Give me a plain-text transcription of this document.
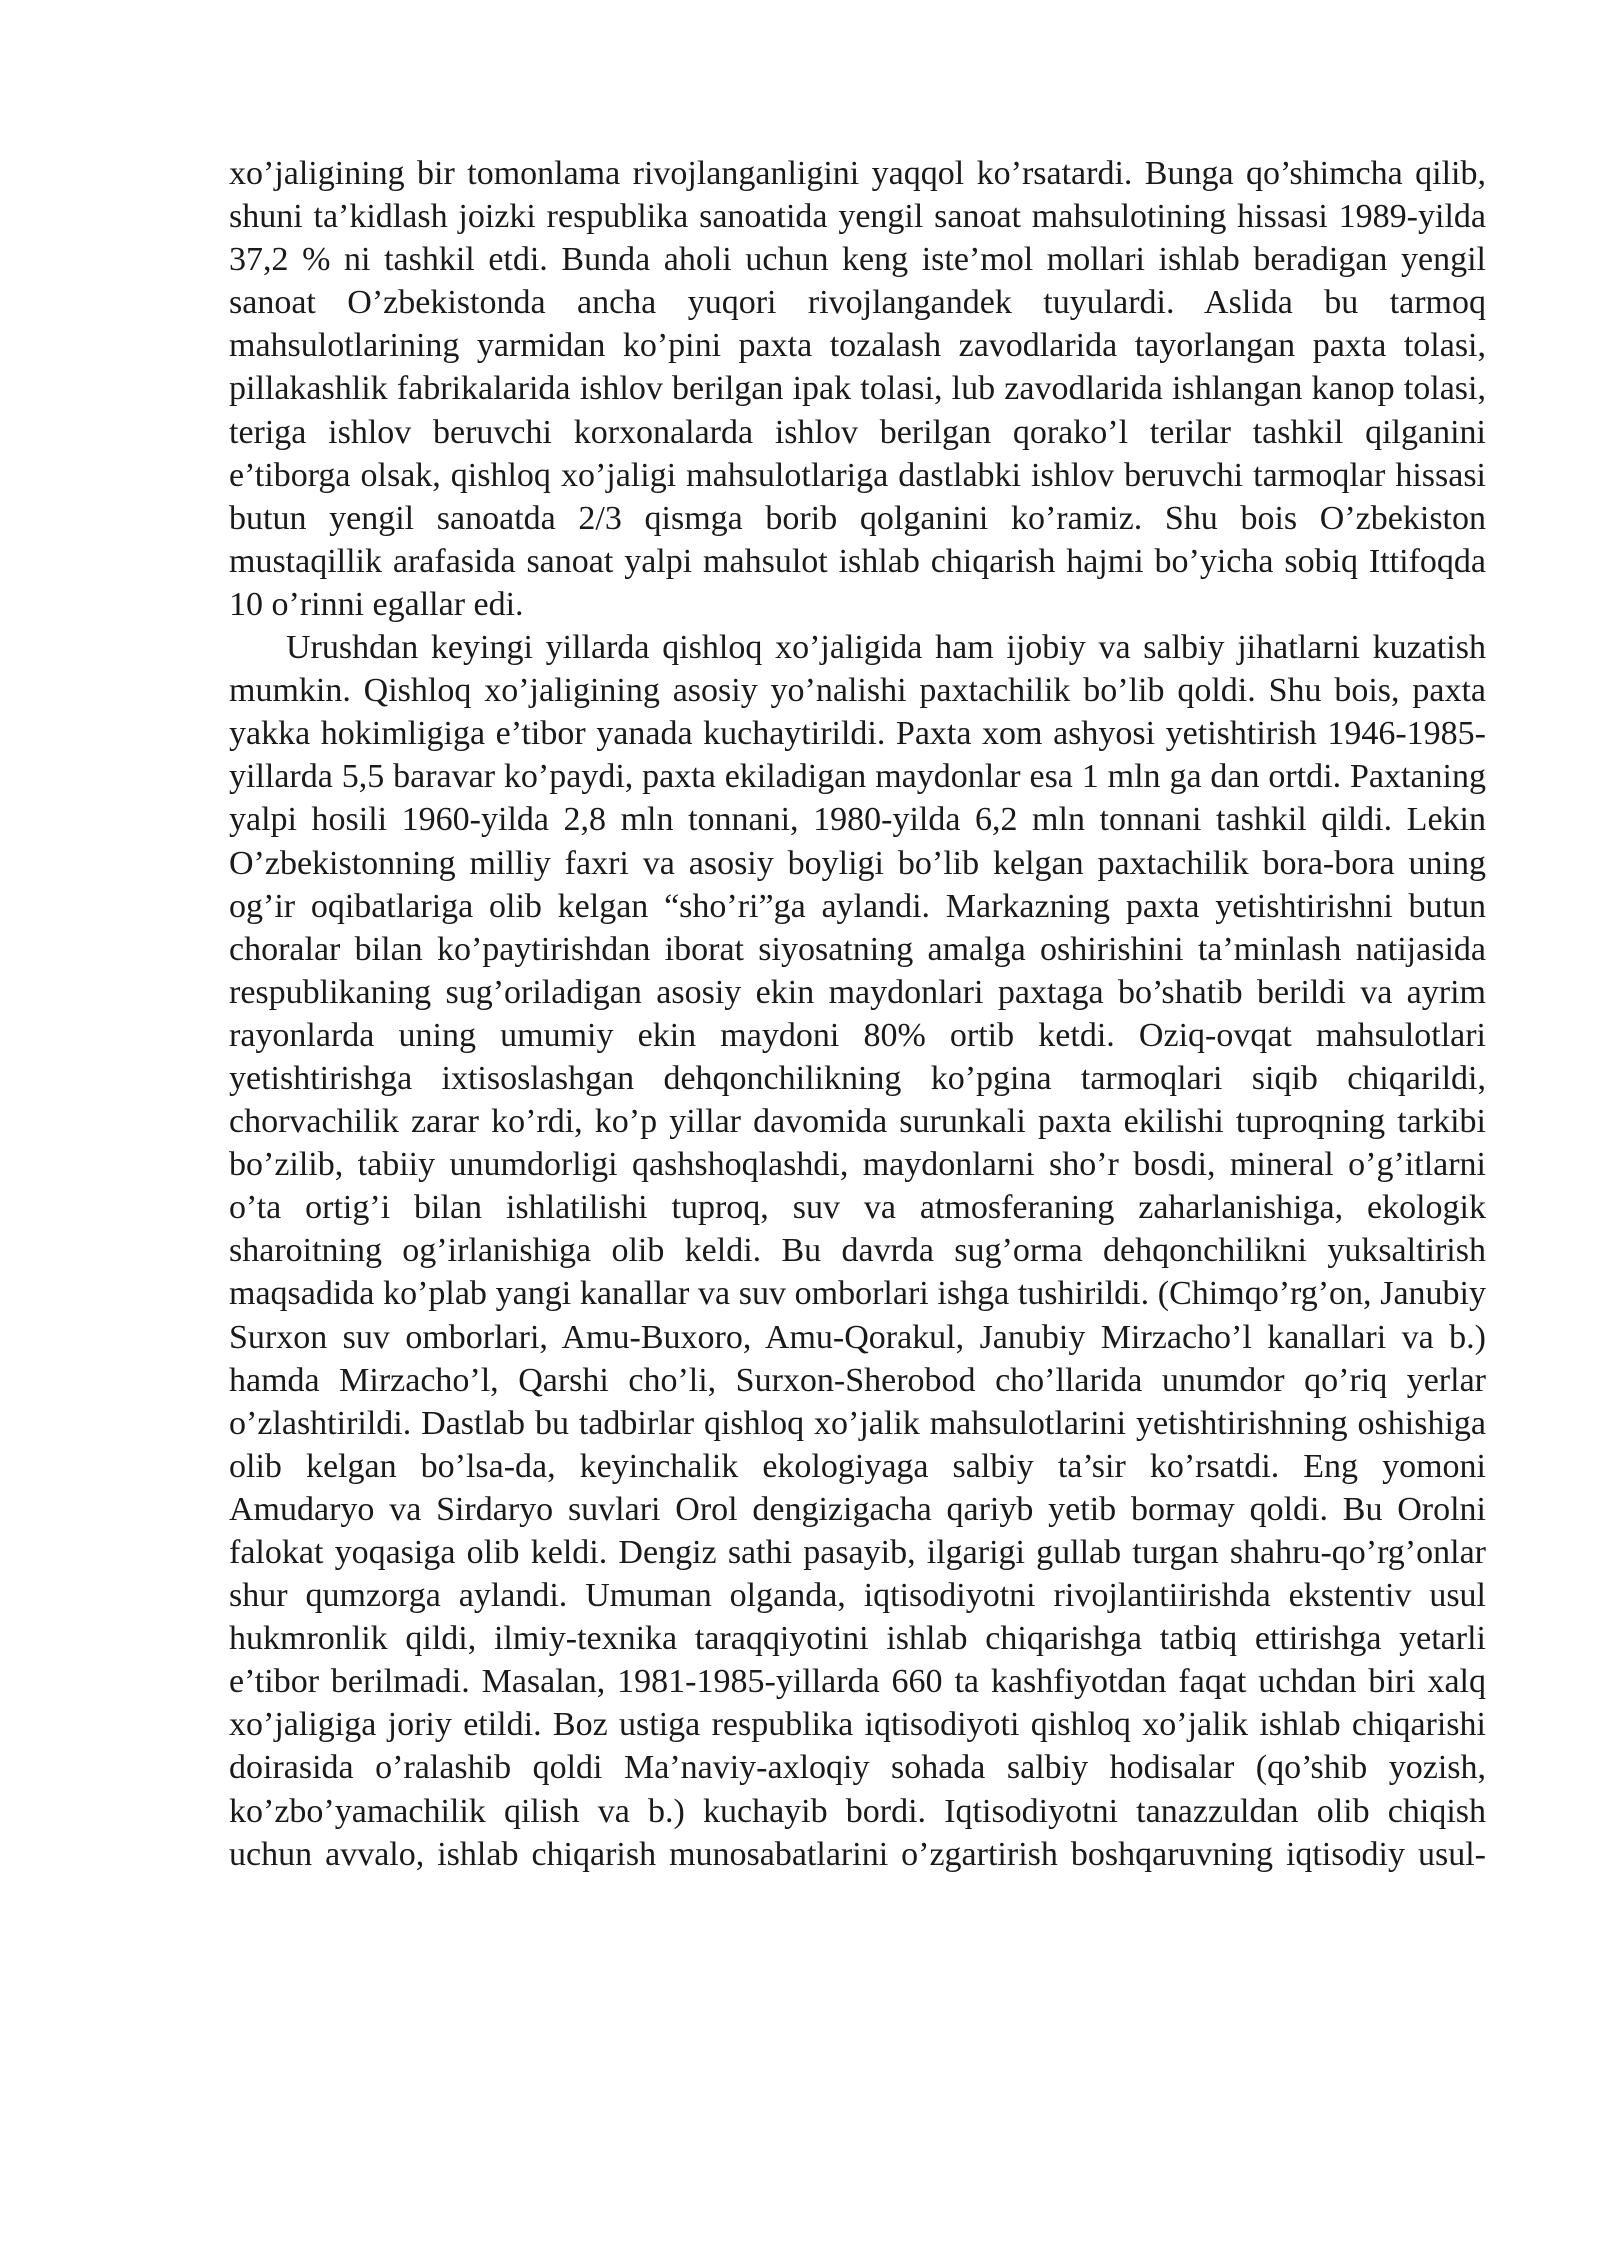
xo’jaligining bir tomonlama rivojlanganligini yaqqol ko’rsatardi. Bunga qo’shimcha qilib, shuni ta’kidlash joizki respublika sanoatida yengil sanoat mahsulotining hissasi 1989-yilda 37,2 % ni tashkil etdi. Bunda aholi uchun keng iste’mol mollari ishlab beradigan yengil sanoat O’zbekistonda ancha yuqori rivojlangandek tuyulardi. Aslida bu tarmoq mahsulotlarining yarmidan ko’pini paxta tozalash zavodlarida tayorlangan paxta tolasi, pillakashlik fabrikalarida ishlov berilgan ipak tolasi, lub zavodlarida ishlangan kanop tolasi, teriga ishlov beruvchi korxonalarda ishlov berilgan qorako’l terilar tashkil qilganini e’tiborga olsak, qishloq xo’jaligi mahsulotlariga dastlabki ishlov beruvchi tarmoqlar hissasi butun yengil sanoatda 2/3 qismga borib qolganini ko’ramiz. Shu bois O’zbekiston mustaqillik arafasida sanoat yalpi mahsulot ishlab chiqarish hajmi bo’yicha sobiq Ittifoqda 10 o’rinni egallar edi.

Urushdan keyingi yillarda qishloq xo’jaligida ham ijobiy va salbiy jihatlarni kuzatish mumkin. Qishloq xo’jaligining asosiy yo’nalishi paxtachilik bo’lib qoldi. Shu bois, paxta yakka hokimligiga e’tibor yanada kuchaytirildi. Paxta xom ashyosi yetishtirish 1946-1985- yillarda 5,5 baravar ko’paydi, paxta ekiladigan maydonlar esa 1 mln ga dan ortdi. Paxtaning yalpi hosili 1960-yilda 2,8 mln tonnani, 1980-yilda 6,2 mln tonnani tashkil qildi. Lekin O’zbekistonning milliy faxri va asosiy boyligi bo’lib kelgan paxtachilik bora-bora uning og’ir oqibatlariga olib kelgan “sho’ri”ga aylandi. Markazning paxta yetishtirishni butun choralar bilan ko’paytirishdan iborat siyosatning amalga oshirishini ta’minlash natijasida respublikaning sug’oriladigan asosiy ekin maydonlari paxtaga bo’shatib berildi va ayrim rayonlarda uning umumiy ekin maydoni 80% ortib ketdi. Oziq-ovqat mahsulotlari yetishtirishga ixtisoslashgan dehqonchilikning ko’pgina tarmoqlari siqib chiqarildi, chorvachilik zarar ko’rdi, ko’p yillar davomida surunkali paxta ekilishi tuproqning tarkibi bo’zilib, tabiiy unumdorligi qashshoqlashdi, maydonlarni sho’r bosdi, mineral o’g’itlarni o’ta ortig’i bilan ishlatilishi tuproq, suv va atmosferaning zaharlanishiga, ekologik sharoitning og’irlanishiga olib keldi. Bu davrda sug’orma dehqonchilikni yuksaltirish maqsadida ko’plab yangi kanallar va suv omborlari ishga tushirildi. (Chimqo’rg’on, Janubiy Surxon suv omborlari, Amu-Buxoro, Amu-Qorakul, Janubiy Mirzacho’l kanallari va b.) hamda Mirzacho’l, Qarshi cho’li, Surxon-Sherobod cho’llarida unumdor qo’riq yerlar o’zlashtirildi. Dastlab bu tadbirlar qishloq xo’jalik mahsulotlarini yetishtirishning oshishiga olib kelgan bo’lsa-da, keyinchalik ekologiyaga salbiy ta’sir ko’rsatdi. Eng yomoni Amudaryo va Sirdaryo suvlari Orol dengizigacha qariyb yetib bormay qoldi. Bu Orolni falokat yoqasiga olib keldi. Dengiz sathi pasayib, ilgarigi gullab turgan shahru-qo’rg’onlar shur qumzorga aylandi. Umuman olganda, iqtisodiyotni rivojlantiirishda ekstentiv usul hukmronlik qildi, ilmiy-texnika taraqqiyotini ishlab chiqarishga tatbiq ettirishga yetarli e’tibor berilmadi. Masalan, 1981-1985-yillarda 660 ta kashfiyotdan faqat uchdan biri xalq xo’jaligiga joriy etildi. Boz ustiga respublika iqtisodiyoti qishloq xo’jalik ishlab chiqarishi doirasida o’ralashib qoldi Ma’naviy-axloqiy sohada salbiy hodisalar (qo’shib yozish, ko’zbo’yamachilik qilish va b.) kuchayib bordi. Iqtisodiyotni tanazzuldan olib chiqish uchun avvalo, ishlab chiqarish munosabatlarini o’zgartirish boshqaruvning iqtisodiy usul-
